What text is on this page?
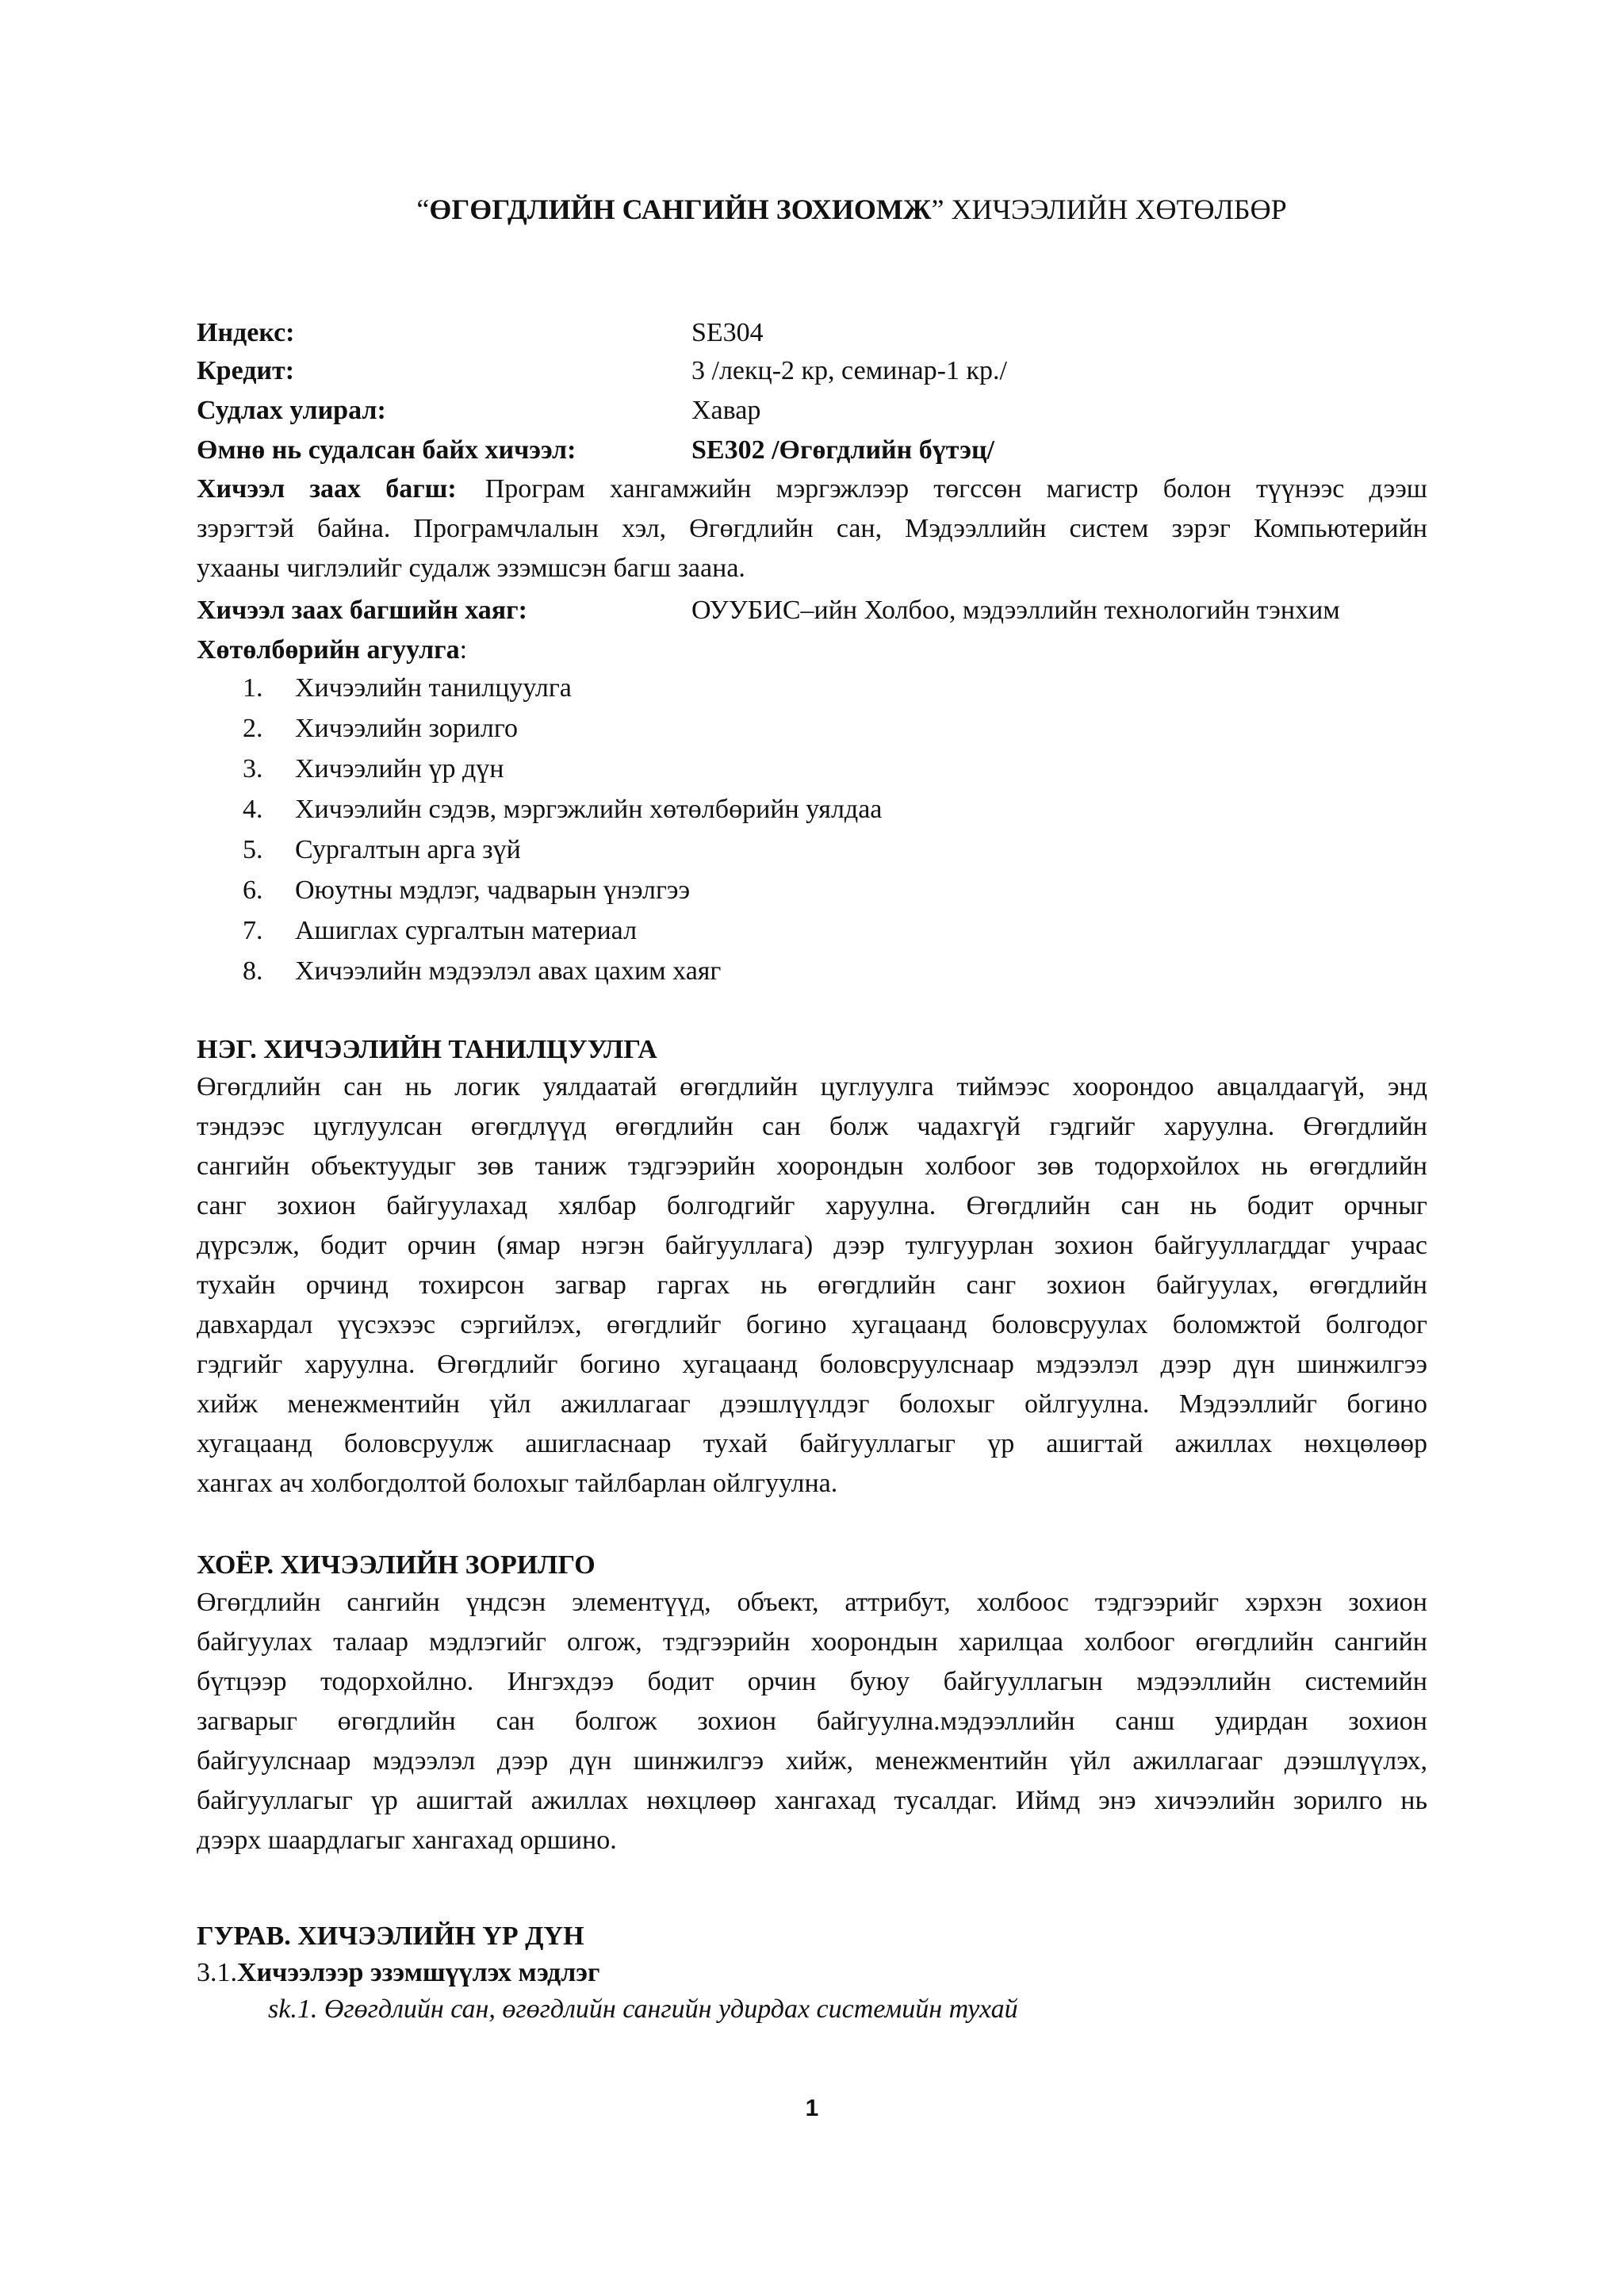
“ӨГӨГДЛИЙН САНГИЙН ЗОХИОМЖ” ХИЧЭЭЛИЙН ХӨТӨЛБӨР
Индекс:	SE304
Кредит:	3 /лекц-2 кр, семинар-1 кр./
Судлах улирал:	Хавар
Өмнө нь судалсан байх хичээл:	SE302 /Өгөгдлийн бүтэц/
Хичээл заах багш: Програм хангамжийн мэргэжлээр төгссөн магистр болон түүнээс дээш
зэрэгтэй байна. Програмчлалын хэл, Өгөгдлийн сан, Мэдээллийн систем зэрэг Компьютерийн
ухааны чиглэлийг судалж эзэмшсэн багш заана.
Хичээл заах багшийн хаяг:	ОУУБИС–ийн Холбоо, мэдээллийн технологийн тэнхим
Хөтөлбөрийн агуулга:
1. Хичээлийн танилцуулга
2. Хичээлийн зорилго
3. Хичээлийн үр дүн
4. Хичээлийн сэдэв, мэргэжлийн хөтөлбөрийн уялдаа
5. Сургалтын арга зүй
6. Оюутны мэдлэг, чадварын үнэлгээ
7. Ашиглах сургалтын материал
8. Хичээлийн мэдээлэл авах цахим хаяг
НЭГ. ХИЧЭЭЛИЙН ТАНИЛЦУУЛГА
Өгөгдлийн сан нь логик уялдаатай өгөгдлийн цуглуулга тиймээс хоорондоо авцалдаагүй, энд
тэндээс цуглуулсан өгөгдлүүд өгөгдлийн сан болж чадахгүй гэдгийг харуулна. Өгөгдлийн
сангийн объектуудыг зөв таниж тэдгээрийн хоорондын холбоог зөв тодорхойлох нь өгөгдлийн
санг зохион байгуулахад хялбар болгодгийг харуулна. Өгөгдлийн сан нь бодит орчныг
дүрсэлж, бодит орчин (ямар нэгэн байгууллага) дээр тулгуурлан зохион байгууллагддаг учраас
тухайн орчинд тохирсон загвар гаргах нь өгөгдлийн санг зохион байгуулах, өгөгдлийн
давхардал үүсэхээс сэргийлэх, өгөгдлийг богино хугацаанд боловсруулах боломжтой болгодог
гэдгийг харуулна. Өгөгдлийг богино хугацаанд боловсруулснаар мэдээлэл дээр дүн шинжилгээ
хийж менежментийн үйл ажиллагааг дээшлүүлдэг болохыг ойлгуулна. Мэдээллийг богино
хугацаанд боловсруулж ашигласнаар тухай байгууллагыг үр ашигтай ажиллах нөхцөлөөр
хангах ач холбогдолтой болохыг тайлбарлан ойлгуулна.
ХОЁР. ХИЧЭЭЛИЙН ЗОРИЛГО
Өгөгдлийн сангийн үндсэн элементүүд, объект, аттрибут, холбоос тэдгээрийг хэрхэн зохион
байгуулах талаар мэдлэгийг олгож, тэдгээрийн хоорондын харилцаа холбоог өгөгдлийн сангийн
бүтцээр тодорхойлно. Ингэхдээ бодит орчин буюу байгууллагын мэдээллийн системийн
загварыг өгөгдлийн сан болгож зохион байгуулна.мэдээллийн санш удирдан зохион
байгуулснаар мэдээлэл дээр дүн шинжилгээ хийж, менежментийн үйл ажиллагааг дээшлүүлэх,
байгууллагыг үр ашигтай ажиллах нөхцлөөр хангахад тусалдаг. Иймд энэ хичээлийн зорилго нь
дээрх шаардлагыг хангахад оршино.
ГУРАВ. ХИЧЭЭЛИЙН ҮР ДҮН
3.1.Хичээлээр эзэмшүүлэх мэдлэг
sk.1. Өгөгдлийн сан, өгөгдлийн сангийн удирдах системийн тухай
1
